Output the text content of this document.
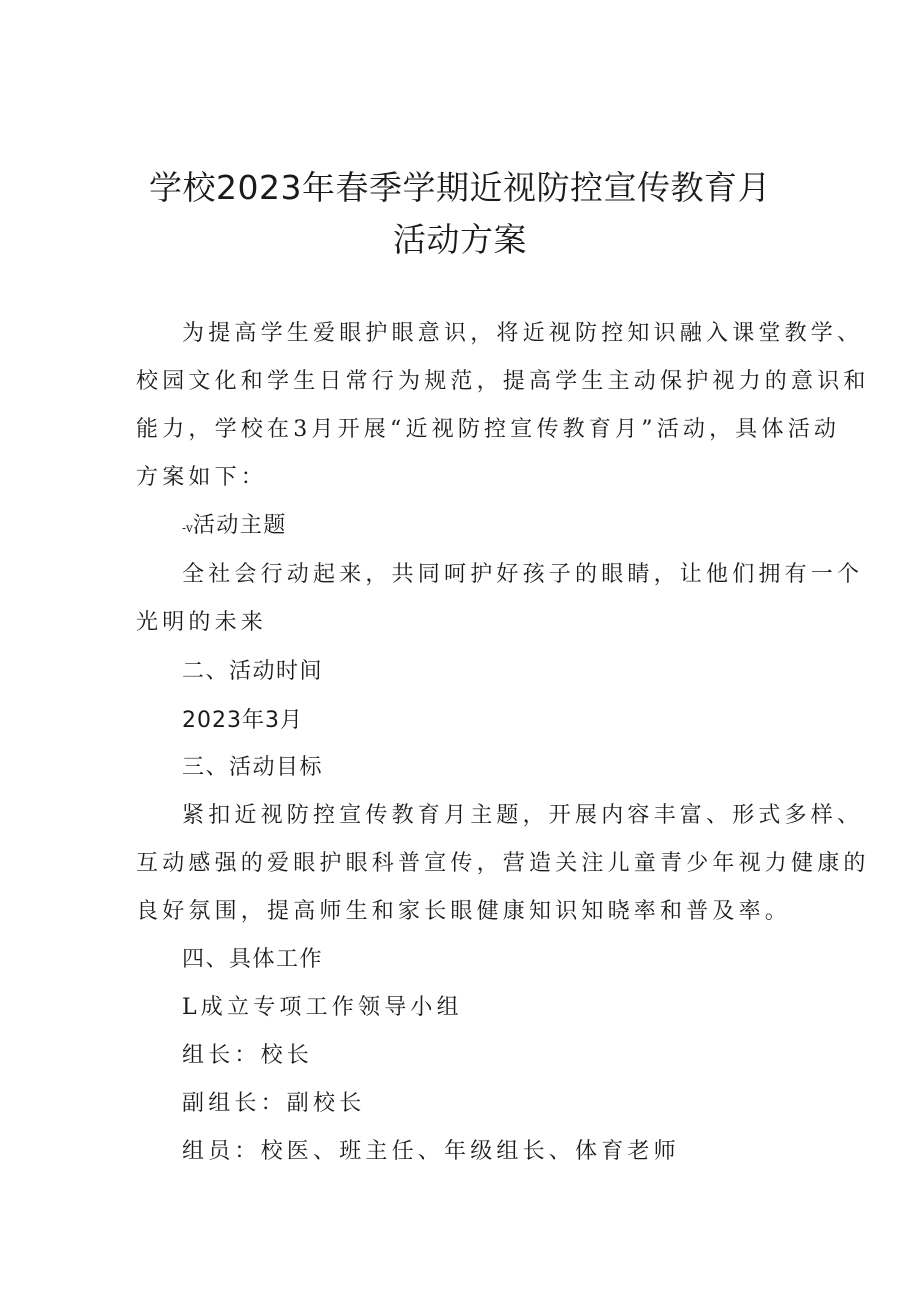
学校2023年春季学期近视防控宣传教育月
活动方案
为提高学生爱眼护眼意识，将近视防控知识融入课堂教学、
校园文化和学生日常行为规范，提高学生主动保护视力的意识和
能力，学校在3月开展“近视防控宣传教育月”活动，具体活动
方案如下：
-v活动主题
全社会行动起来，共同呵护好孩子的眼睛，让他们拥有一个
光明的未来
二、活动时间
2023年3月
三、活动目标
紧扣近视防控宣传教育月主题，开展内容丰富、形式多样、
互动感强的爱眼护眼科普宣传，营造关注儿童青少年视力健康的
良好氛围，提高师生和家长眼健康知识知晓率和普及率。
四、具体工作
L成立专项工作领导小组
组长：校长
副组长：副校长
组员：校医、班主任、年级组长、体育老师
